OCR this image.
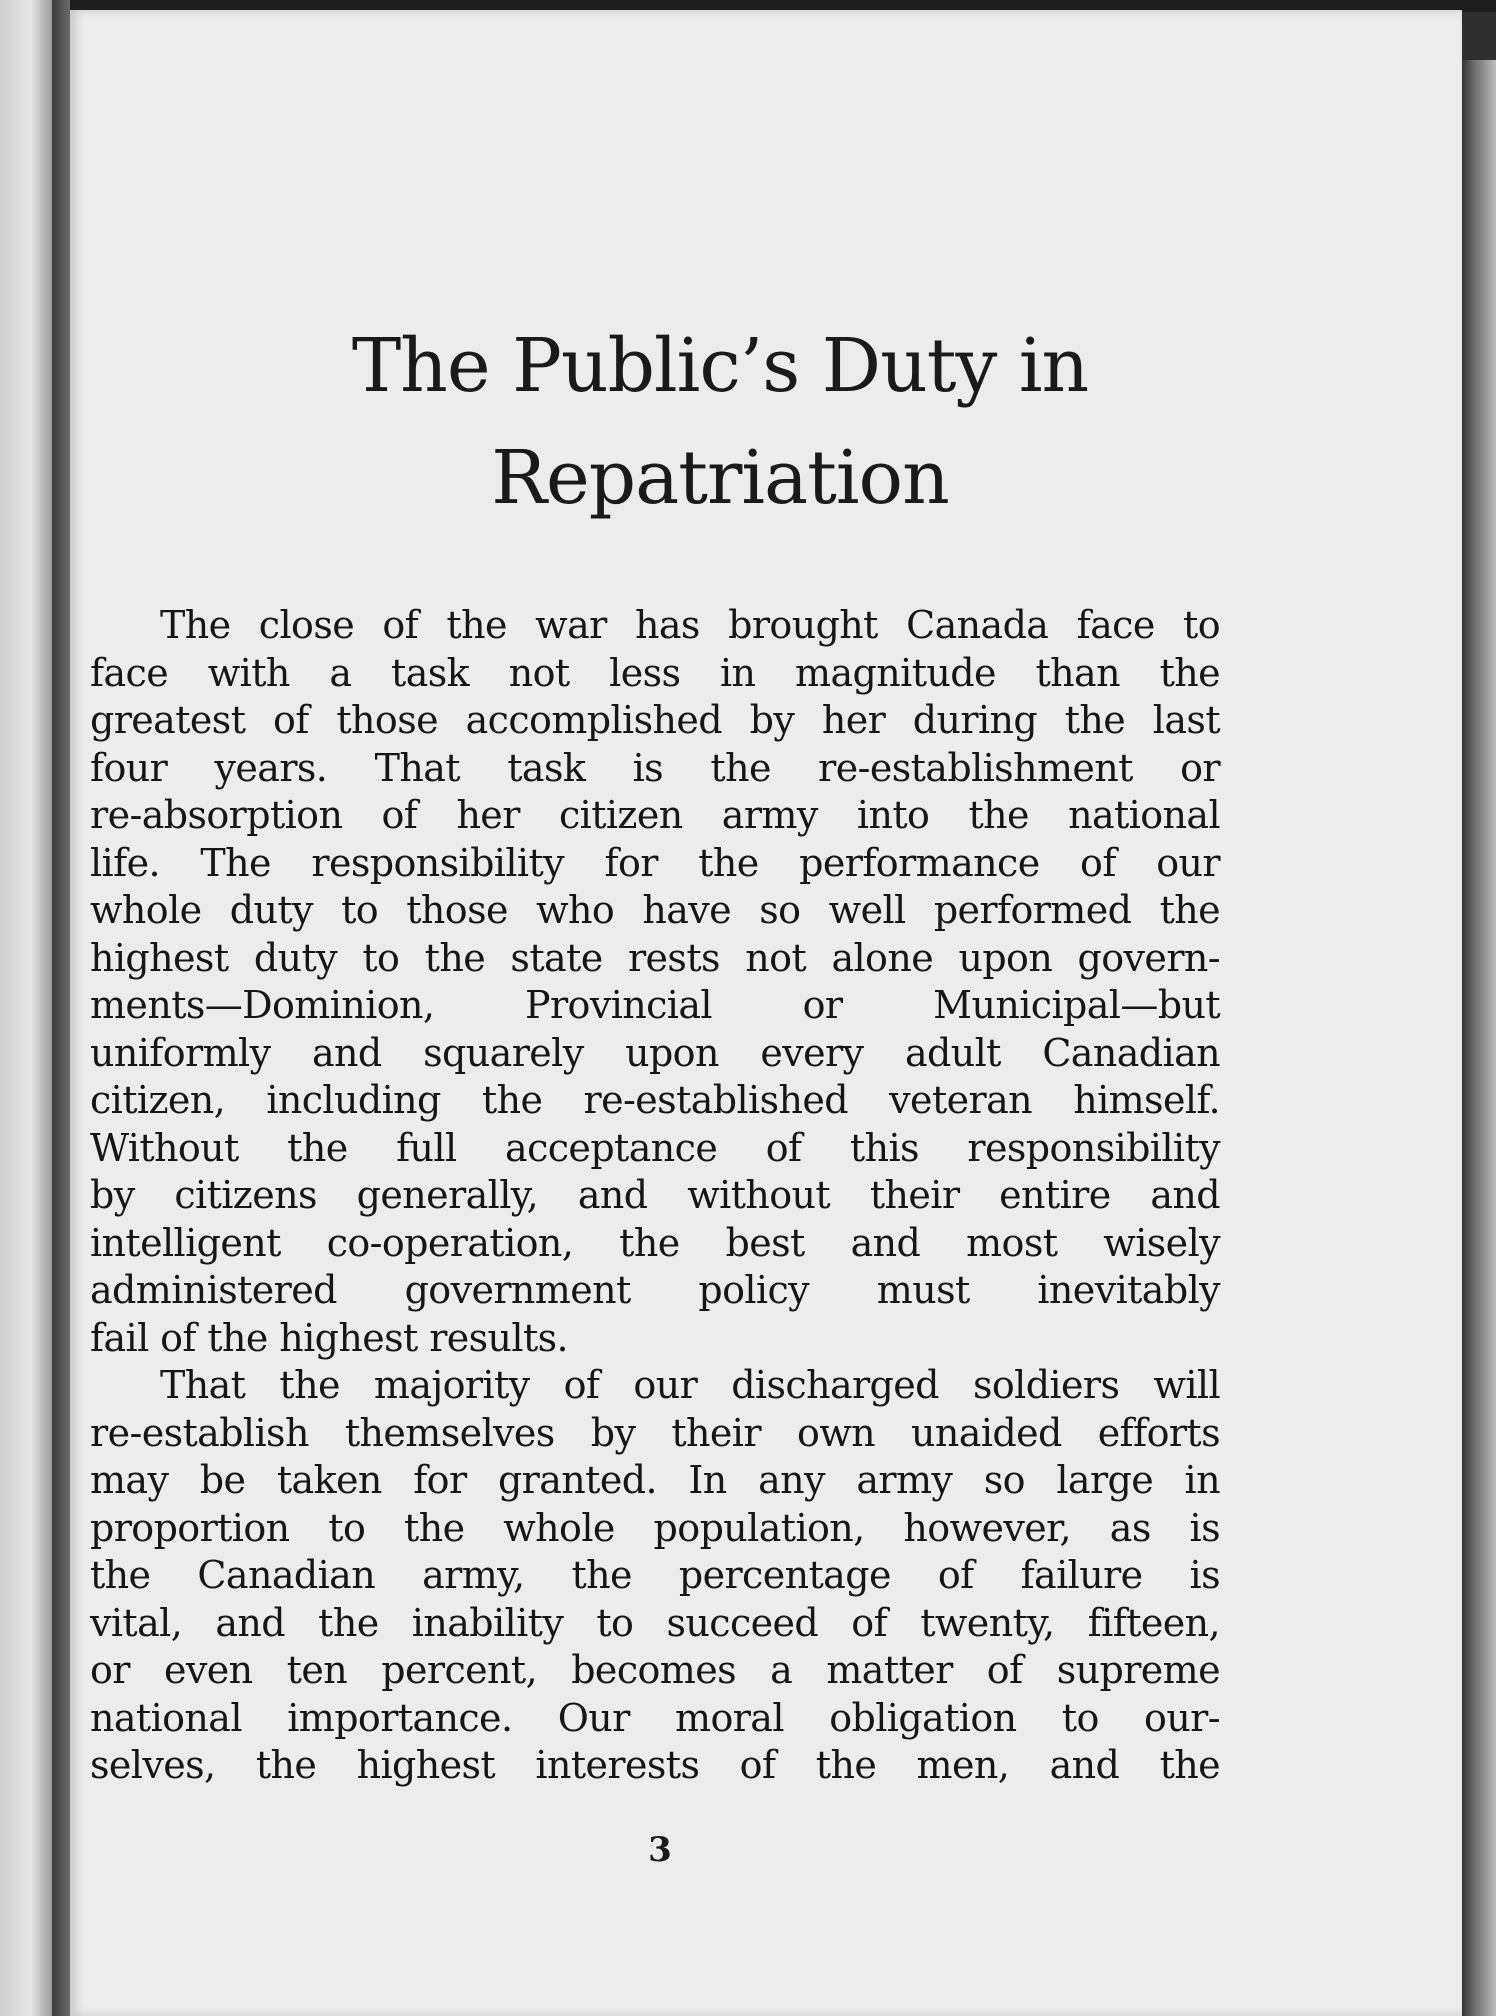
The Public’s Duty in
Repatriation
The close of the war has brought Canada face to
face with a task not less in magnitude than the
greatest of those accomplished by her during the last
four years. That task is the re-establishment or
re-absorption of her citizen army into the national
life. The responsibility for the performance of our
whole duty to those who have so well performed the
highest duty to the state rests not alone upon govern-
ments—Dominion, Provincial or Municipal—but
uniformly and squarely upon every adult Canadian
citizen, including the re-established veteran himself.
Without the full acceptance of this responsibility
by citizens generally, and without their entire and
intelligent co-operation, the best and most wisely
administered government policy must inevitably
fail of the highest results.
That the majority of our discharged soldiers will
re-establish themselves by their own unaided efforts
may be taken for granted. In any army so large in
proportion to the whole population, however, as is
the Canadian army, the percentage of failure is
vital, and the inability to succeed of twenty, fifteen,
or even ten percent, becomes a matter of supreme
national importance. Our moral obligation to our-
selves, the highest interests of the men, and the
3
